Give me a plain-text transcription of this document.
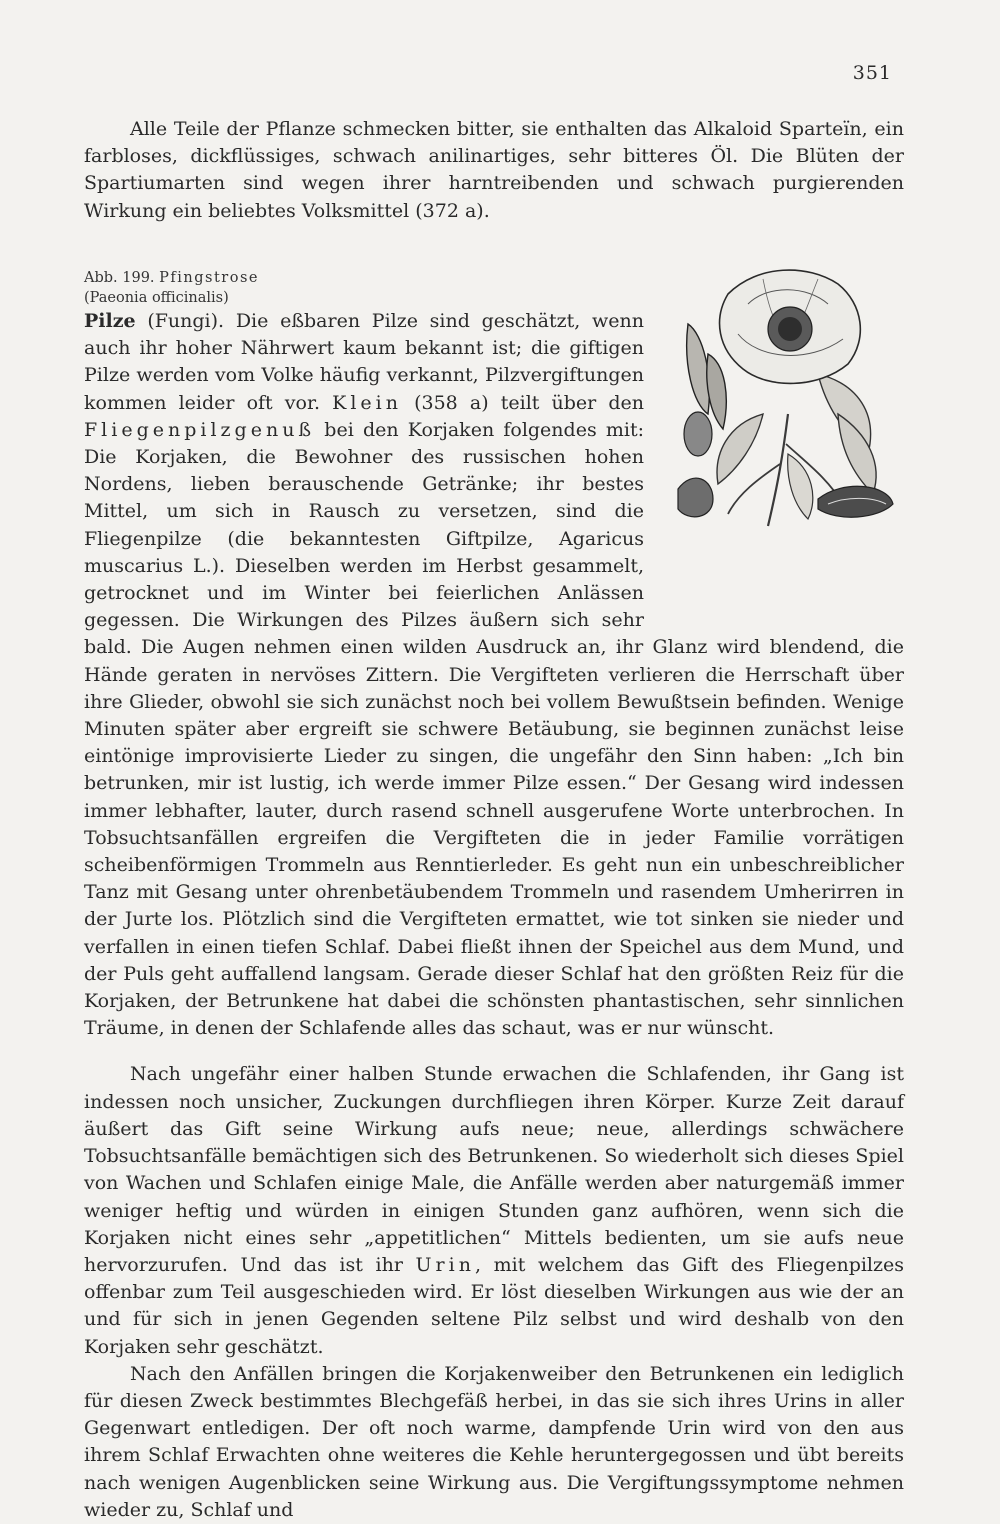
351

Alle Teile der Pflanze schmecken bitter, sie enthalten das Alkaloid Sparteïn, ein farbloses, dickflüssiges, schwach anilinartiges, sehr bitteres Öl. Die Blüten der Spartiumarten sind wegen ihrer harntreibenden und schwach purgierenden Wirkung ein beliebtes Volksmittel (372 a).

Abb. 199. Pfingstrose
(Paeonia officinalis)
Pilze (Fungi). Die eßbaren Pilze sind geschätzt, wenn auch ihr hoher Nährwert kaum bekannt ist; die giftigen Pilze werden vom Volke häufig verkannt, Pilzvergiftungen kommen leider oft vor. Klein (358 a) teilt über den Fliegenpilzgenuß bei den Korjaken folgendes mit: Die Korjaken, die Bewohner des russischen hohen Nordens, lieben berauschende Getränke; ihr bestes Mittel, um sich in Rausch zu versetzen, sind die Fliegenpilze (die bekanntesten Giftpilze, Agaricus muscarius L.). Dieselben werden im Herbst gesammelt, getrocknet und im Winter bei feierlichen Anlässen gegessen. Die Wirkungen des Pilzes äußern sich sehr bald. Die Augen nehmen einen wilden Ausdruck an, ihr Glanz wird blendend, die Hände geraten in nervöses Zittern. Die Vergifteten verlieren die Herrschaft über ihre Glieder, obwohl sie sich zunächst noch bei vollem Bewußtsein befinden. Wenige Minuten später aber ergreift sie schwere Betäubung, sie beginnen zunächst leise eintönige improvisierte Lieder zu singen, die ungefähr den Sinn haben: „Ich bin betrunken, mir ist lustig, ich werde immer Pilze essen.“ Der Gesang wird indessen immer lebhafter, lauter, durch rasend schnell ausgerufene Worte unterbrochen. In Tobsuchtsanfällen ergreifen die Vergifteten die in jeder Familie vorrätigen scheibenförmigen Trommeln aus Renntierleder. Es geht nun ein unbeschreiblicher Tanz mit Gesang unter ohrenbetäubendem Trommeln und rasendem Umherirren in der Jurte los. Plötzlich sind die Vergifteten ermattet, wie tot sinken sie nieder und verfallen in einen tiefen Schlaf. Dabei fließt ihnen der Speichel aus dem Mund, und der Puls geht auffallend langsam. Gerade dieser Schlaf hat den größten Reiz für die Korjaken, der Betrunkene hat dabei die schönsten phantastischen, sehr sinnlichen Träume, in denen der Schlafende alles das schaut, was er nur wünscht.

Nach ungefähr einer halben Stunde erwachen die Schlafenden, ihr Gang ist indessen noch unsicher, Zuckungen durchfliegen ihren Körper. Kurze Zeit darauf äußert das Gift seine Wirkung aufs neue; neue, allerdings schwächere Tobsuchtsanfälle bemächtigen sich des Betrunkenen. So wiederholt sich dieses Spiel von Wachen und Schlafen einige Male, die Anfälle werden aber naturgemäß immer weniger heftig und würden in einigen Stunden ganz aufhören, wenn sich die Korjaken nicht eines sehr „appetitlichen“ Mittels bedienten, um sie aufs neue hervorzurufen. Und das ist ihr Urin, mit welchem das Gift des Fliegenpilzes offenbar zum Teil ausgeschieden wird. Er löst dieselben Wirkungen aus wie der an und für sich in jenen Gegenden seltene Pilz selbst und wird deshalb von den Korjaken sehr geschätzt.

Nach den Anfällen bringen die Korjakenweiber den Betrunkenen ein lediglich für diesen Zweck bestimmtes Blechgefäß herbei, in das sie sich ihres Urins in aller Gegenwart entledigen. Der oft noch warme, dampfende Urin wird von den aus ihrem Schlaf Erwachten ohne weiteres die Kehle heruntergegossen und übt bereits nach wenigen Augenblicken seine Wirkung aus. Die Vergiftungssymptome nehmen wieder zu, Schlaf und
